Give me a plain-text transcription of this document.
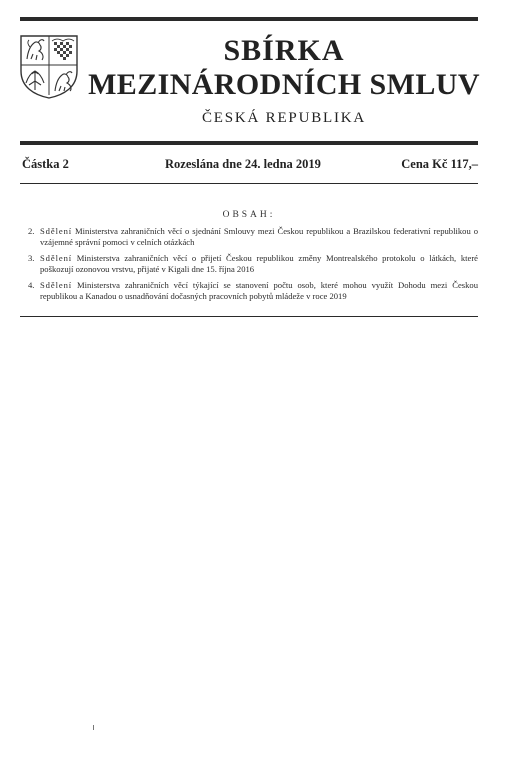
SBÍRKA
MEZINÁRODNÍCH SMLUV
ČESKÁ REPUBLIKA
Částka 2	Rozeslána dne 24. ledna 2019	Cena Kč 117,–
OBSAH:
2. Sdělení Ministerstva zahraničních věcí o sjednání Smlouvy mezi Českou republikou a Brazilskou federativní republikou o vzájemné správní pomoci v celních otázkách
3. Sdělení Ministerstva zahraničních věcí o přijetí Českou republikou změny Montrealského protokolu o látkách, které poškozují ozonovou vrstvu, přijaté v Kigali dne 15. října 2016
4. Sdělení Ministerstva zahraničních věcí týkající se stanovení počtu osob, které mohou využít Dohodu mezi Českou republikou a Kanadou o usnadňování dočasných pracovních pobytů mládeže v roce 2019
